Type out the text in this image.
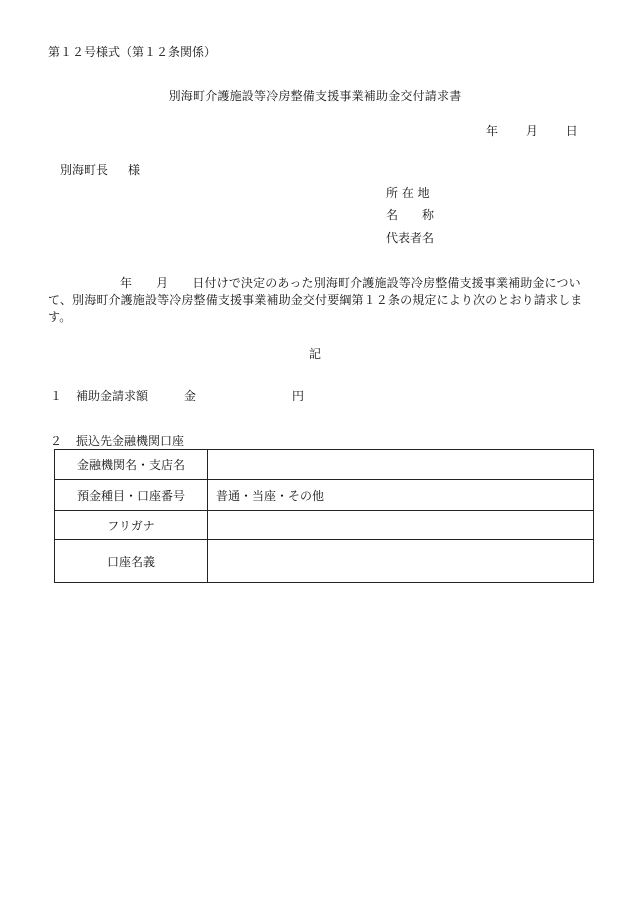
第１２号様式（第１２条関係）
別海町介護施設等冷房整備支援事業補助金交付請求書
年 月 日
別海町長 様
所 在 地
名　　称
代表者名
年 月 日付けで決定のあった別海町介護施設等冷房整備支援事業補助金について、別海町介護施設等冷房整備支援事業補助金交付要綱第１２条の規定により次のとおり請求します。
記
１ 補助金請求額	金	円
２ 振込先金融機関口座
金融機関名・支店名	
預金種目・口座番号	普通・当座・その他
フリガナ	
口座名義	
